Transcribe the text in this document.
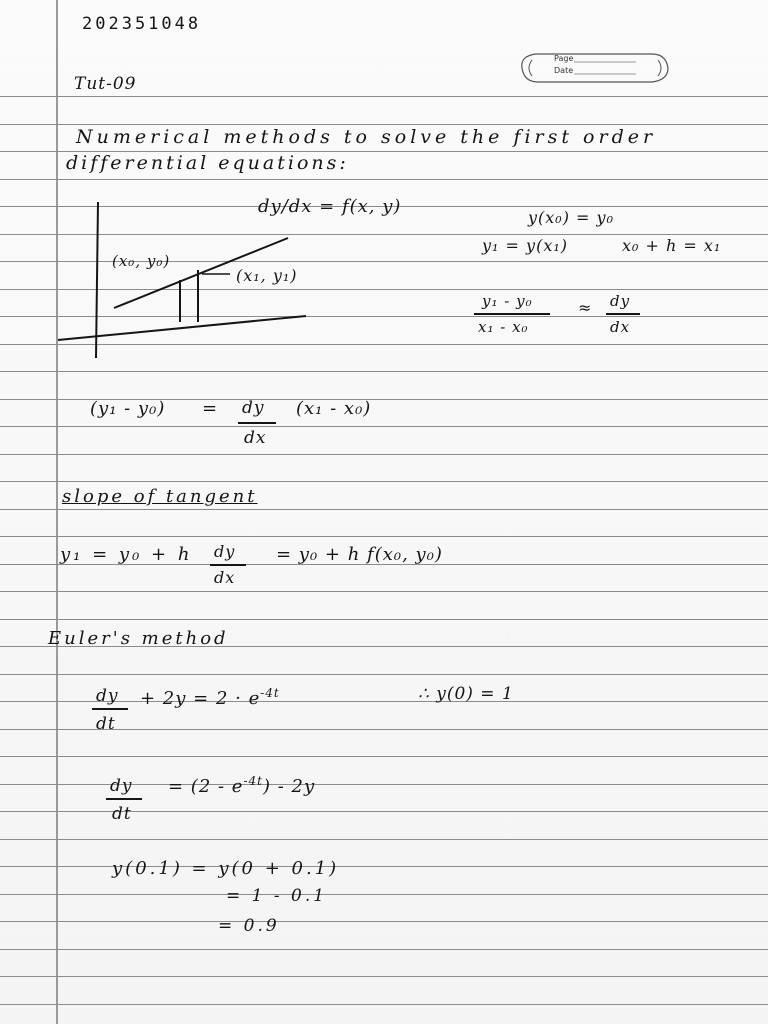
202351048
Page
Date
Tut-09
Numerical methods to solve the first order
differential equations:
dy/dx = f(x, y)
(x₀, y₀)
(x₁, y₁)
y(x₀) = y₀
y₁ = y(x₁)	x₀ + h = x₁
y₁ - y₀
x₁ - x₀
≈ dy
dx
(y₁ - y₀) = dy
dx
(x₁ - x₀)
slope of tangent
y₁ = y₀ + h dy
dx
= y₀ + h f(x₀, y₀)
Euler's method
dy
dt
+ $2y = 2 \cdot e^{-4t}$	∴ y(0) = 1
dy
dt
= $(2 - e^{-4t}) - 2y$
y(0.1) = y(0 + 0.1)
= 1 - 0.1
= 0.9
